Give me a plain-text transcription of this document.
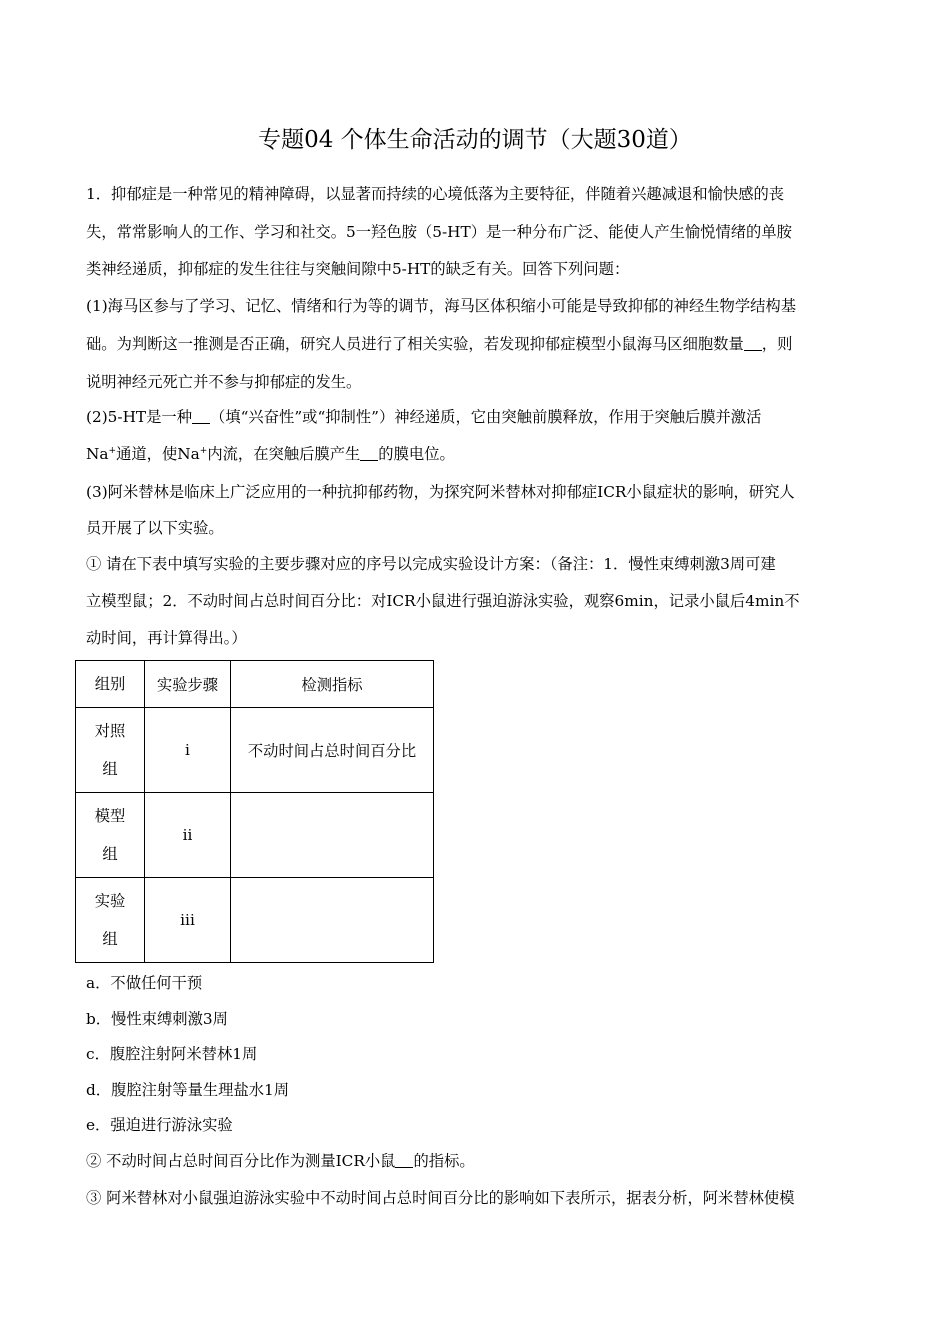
专题04 个体生命活动的调节（大题30道）
1．抑郁症是一种常见的精神障碍，以显著而持续的心境低落为主要特征，伴随着兴趣减退和愉快感的丧
失，常常影响人的工作、学习和社交。5一羟色胺（5-HT）是一种分布广泛、能使人产生愉悦情绪的单胺
类神经递质，抑郁症的发生往往与突触间隙中5-HT的缺乏有关。回答下列问题：
(1)海马区参与了学习、记忆、情绪和行为等的调节，海马区体积缩小可能是导致抑郁的神经生物学结构基
础。为判断这一推测是否正确，研究人员进行了相关实验，若发现抑郁症模型小鼠海马区细胞数量 ，则
说明神经元死亡并不参与抑郁症的发生。
(2)5-HT是一种 （填“兴奋性”或“抑制性”）神经递质，它由突触前膜释放，作用于突触后膜并激活
Na+通道，使Na+内流，在突触后膜产生 的膜电位。
(3)阿米替林是临床上广泛应用的一种抗抑郁药物，为探究阿米替林对抑郁症ICR小鼠症状的影响，研究人
员开展了以下实验。
① 请在下表中填写实验的主要步骤对应的序号以完成实验设计方案：（备注：1．慢性束缚刺激3周可建
立模型鼠；2．不动时间占总时间百分比：对ICR小鼠进行强迫游泳实验，观察6min，记录小鼠后4min不
动时间，再计算得出。）
组别	实验步骤	检测指标

对照
组	i	不动时间占总时间百分比

模型
组	ii	

实验
组	iii	
a．不做任何干预
b．慢性束缚刺激3周
c．腹腔注射阿米替林1周
d．腹腔注射等量生理盐水1周
e．强迫进行游泳实验
② 不动时间占总时间百分比作为测量ICR小鼠 的指标。
③ 阿米替林对小鼠强迫游泳实验中不动时间占总时间百分比的影响如下表所示，据表分析，阿米替林使模
